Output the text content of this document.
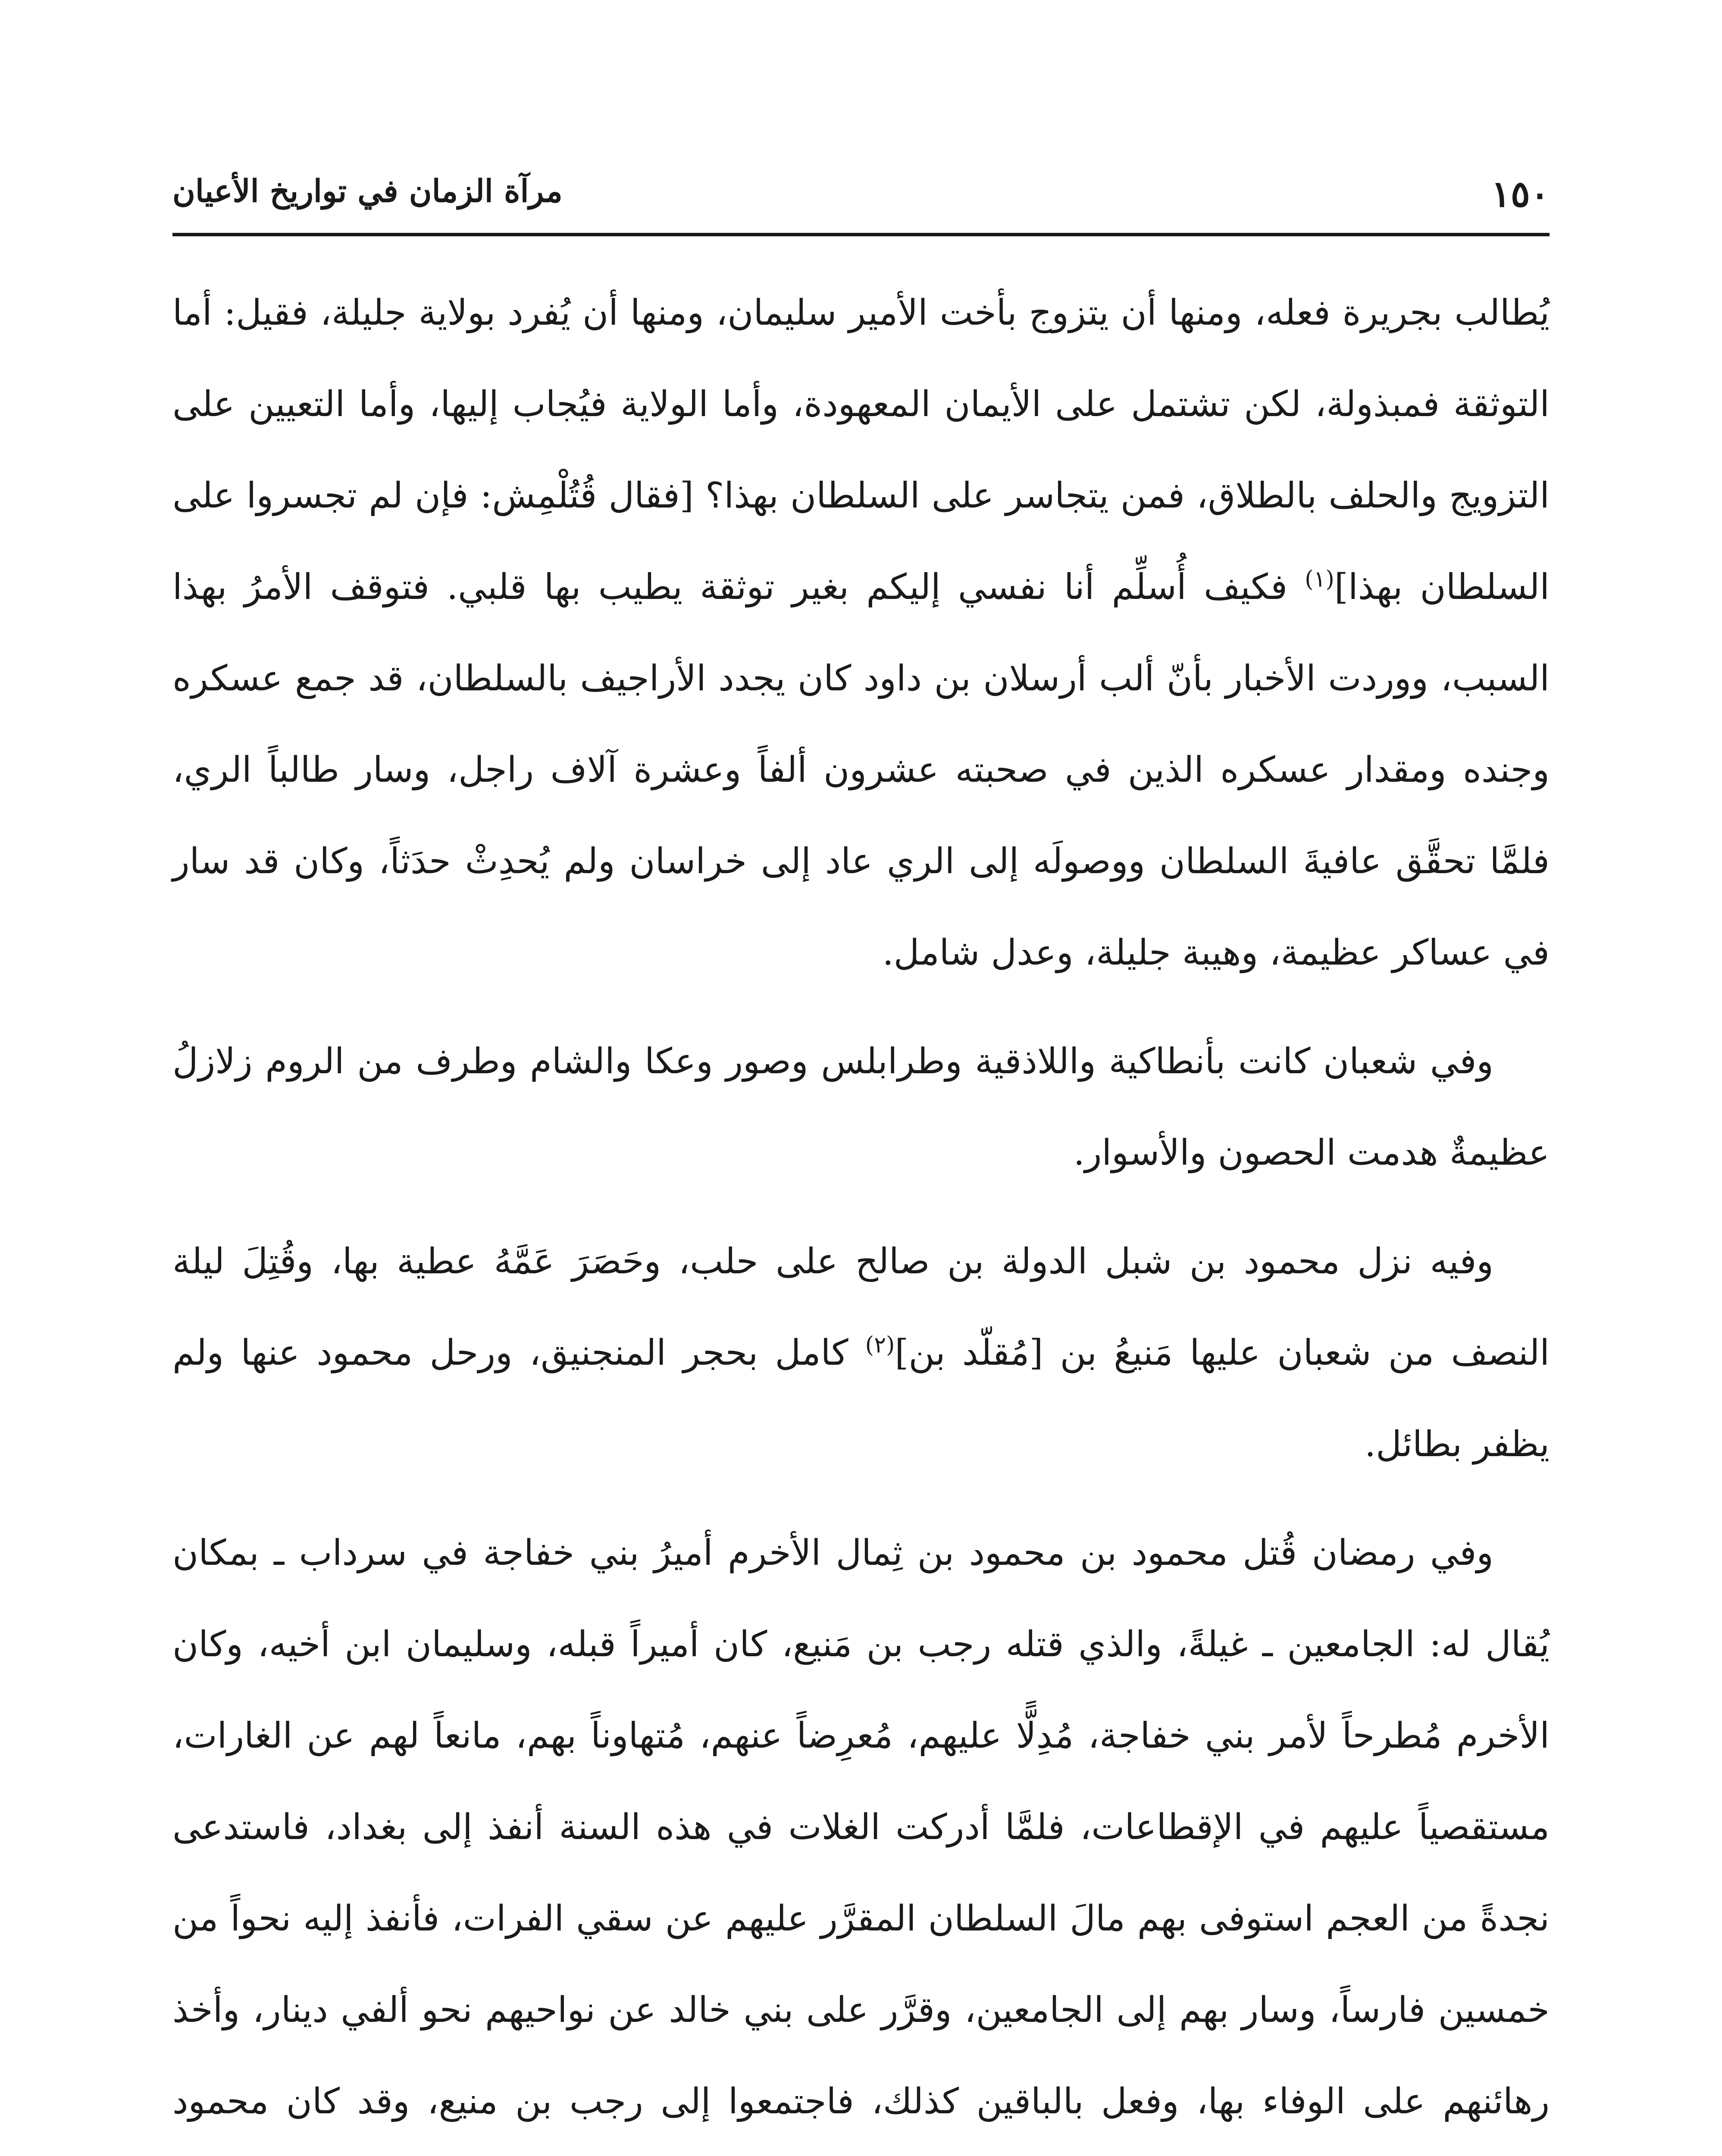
١٥٠
مرآة الزمان في تواريخ الأعيان

يُطالب بجريرة فعله، ومنها أن يتزوج بأخت الأمير سليمان، ومنها أن يُفرد بولاية جليلة، فقيل: أما التوثقة فمبذولة، لكن تشتمل على الأيمان المعهودة، وأما الولاية فيُجاب إليها، وأما التعيين على التزويج والحلف بالطلاق، فمن يتجاسر على السلطان بهذا؟ [فقال قُتُلْمِش: فإن لم تجسروا على السلطان بهذا]$^{(١)}$ فكيف أُسلِّم أنا نفسي إليكم بغير توثقة يطيب بها قلبي. فتوقف الأمرُ بهذا السبب، ووردت الأخبار بأنّ ألب أرسلان بن داود كان يجدد الأراجيف بالسلطان، قد جمع عسكره وجنده ومقدار عسكره الذين في صحبته عشرون ألفاً وعشرة آلاف راجل، وسار طالباً الري، فلمَّا تحقَّق عافيةَ السلطان ووصولَه إلى الري عاد إلى خراسان ولم يُحدِثْ حدَثاً، وكان قد سار في عساكر عظيمة، وهيبة جليلة، وعدل شامل.

وفي شعبان كانت بأنطاكية واللاذقية وطرابلس وصور وعكا والشام وطرف من الروم زلازلُ عظيمةٌ هدمت الحصون والأسوار.

وفيه نزل محمود بن شبل الدولة بن صالح على حلب، وحَصَرَ عَمَّهُ عطية بها، وقُتِلَ ليلة النصف من شعبان عليها مَنيعُ بن [مُقلّد بن]$^{(٢)}$ كامل بحجر المنجنيق، ورحل محمود عنها ولم يظفر بطائل.

وفي رمضان قُتل محمود بن محمود بن ثِمال الأخرم أميرُ بني خفاجة في سرداب ـ بمكان يُقال له: الجامعين ـ غيلةً، والذي قتله رجب بن مَنيع، كان أميراً قبله، وسليمان ابن أخيه، وكان الأخرم مُطرحاً لأمر بني خفاجة، مُدِلًّا عليهم، مُعرِضاً عنهم، مُتهاوناً بهم، مانعاً لهم عن الغارات، مستقصياً عليهم في الإقطاعات، فلمَّا أدركت الغلات في هذه السنة أنفذ إلى بغداد، فاستدعى نجدةً من العجم استوفى بهم مالَ السلطان المقرَّر عليهم عن سقي الفرات، فأنفذ إليه نحواً من خمسين فارساً، وسار بهم إلى الجامعين، وقرَّر على بني خالد عن نواحيهم نحو ألفي دينار، وأخذ رهائنهم على الوفاء بها، وفعل بالباقين كذلك، فاجتمعوا إلى رجب بن منيع، وقد كان محمود
